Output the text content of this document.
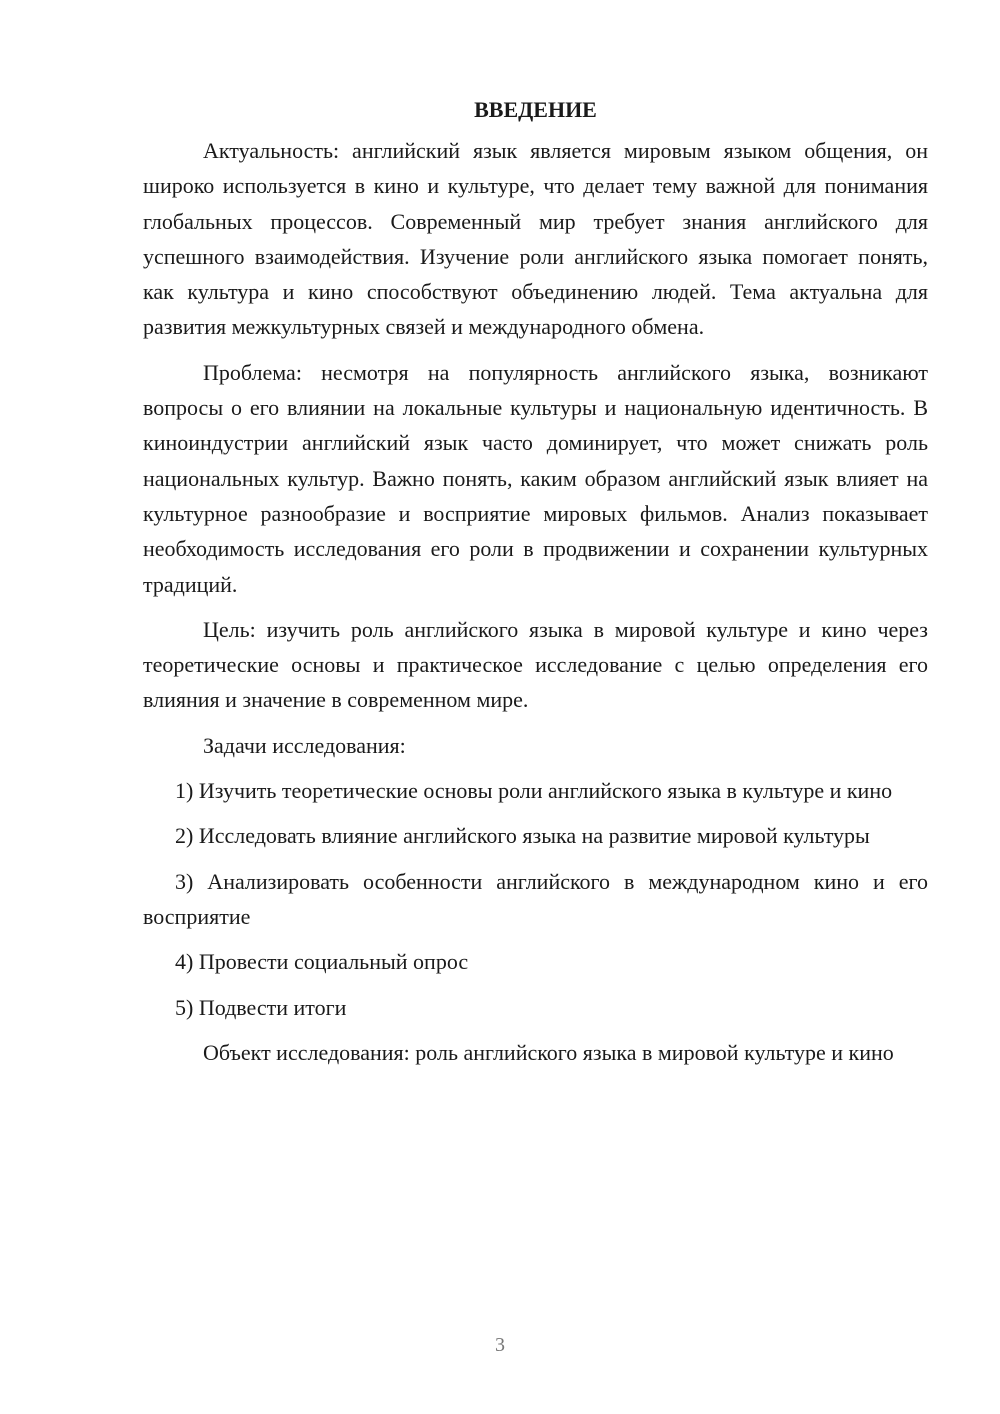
ВВЕДЕНИЕ

Актуальность: английский язык является мировым языком общения, он широко используется в кино и культуре, что делает тему важной для понимания глобальных процессов. Современный мир требует знания английского для успешного взаимодействия. Изучение роли английского языка помогает понять, как культура и кино способствуют объединению людей. Тема актуальна для развития межкультурных связей и международного обмена.

Проблема: несмотря на популярность английского языка, возникают вопросы о его влиянии на локальные культуры и национальную идентичность. В киноиндустрии английский язык часто доминирует, что может снижать роль национальных культур. Важно понять, каким образом английский язык влияет на культурное разнообразие и восприятие мировых фильмов. Анализ показывает необходимость исследования его роли в продвижении и сохранении культурных традиций.

Цель: изучить роль английского языка в мировой культуре и кино через теоретические основы и практическое исследование с целью определения его влияния и значение в современном мире.

Задачи исследования:

1) Изучить теоретические основы роли английского языка в культуре и кино

2) Исследовать влияние английского языка на развитие мировой культуры

3) Анализировать особенности английского в международном кино и его восприятие

4) Провести социальный опрос

5) Подвести итоги

Объект исследования: роль английского языка в мировой культуре и кино

3
